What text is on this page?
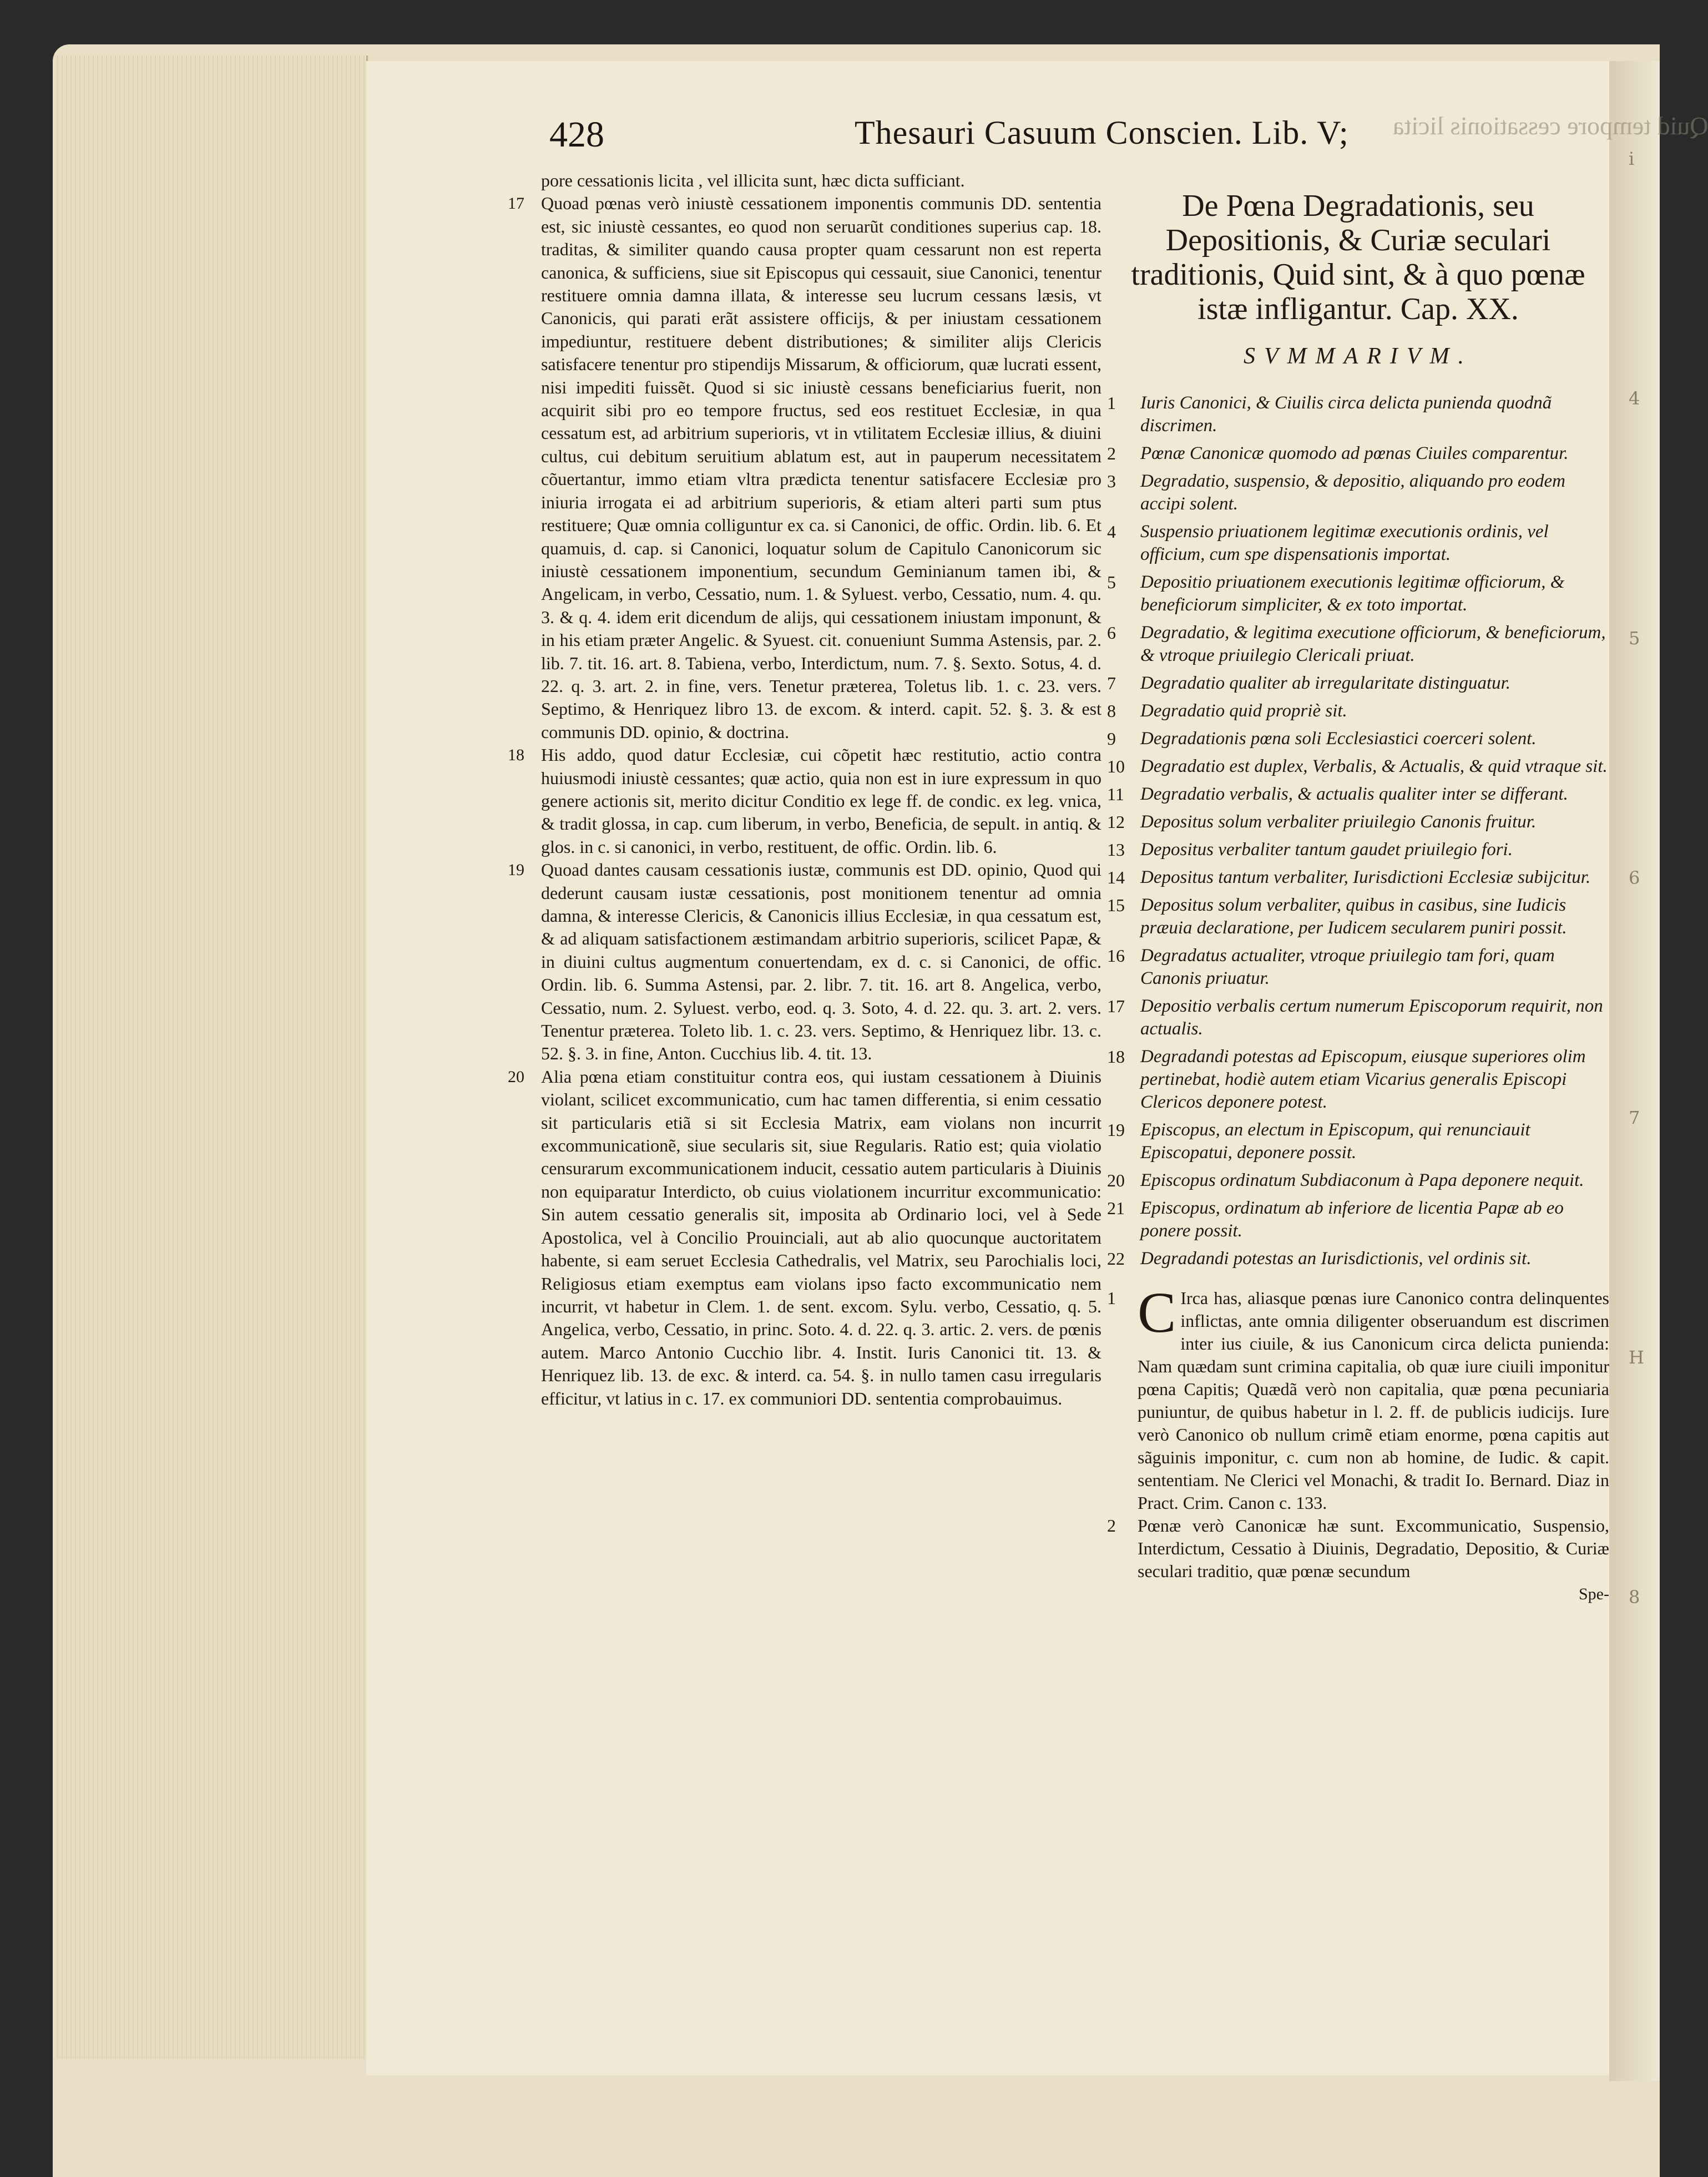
i
4
5
6
7
H
8
Quid tempore cessationis licita
428	Thesauri Casuum Conscien. Lib. V;
pore cessationis licita , vel illicita sunt, hæc dicta sufficiant.
17 Quoad pœnas verò iniustè cessationem imponentis communis DD. sententia est, sic iniustè cessantes, eo quod non seruarũt conditiones superius cap. 18. traditas, & similiter quando causa propter quam cessarunt non est reperta canonica, & sufficiens, siue sit Episcopus qui cessauit, siue Canonici, tenentur restituere omnia damna illata, & interesse seu lucrum cessans læsis, vt Canonicis, qui parati erãt assistere officijs, & per iniustam cessationem impediuntur, restituere debent distributiones; & similiter alijs Clericis satisfacere tenentur pro stipendijs Missarum, & officiorum, quæ lucrati essent, nisi impediti fuissẽt. Quod si sic iniustè cessans beneficiarius fuerit, non acquirit sibi pro eo tempore fructus, sed eos restituet Ecclesiæ, in qua cessatum est, ad arbitrium superioris, vt in vtilitatem Ecclesiæ illius, & diuini cultus, cui debitum seruitium ablatum est, aut in pauperum necessitatem cõuertantur, immo etiam vltra prædicta tenentur satisfacere Ecclesiæ pro iniuria irrogata ei ad arbitrium superioris, & etiam alteri parti sum ptus restituere; Quæ omnia colliguntur ex ca. si Canonici, de offic. Ordin. lib. 6. Et quamuis, d. cap. si Canonici, loquatur solum de Capitulo Canonicorum sic iniustè cessationem imponentium, secundum Geminianum tamen ibi, & Angelicam, in verbo, Cessatio, num. 1. & Syluest. verbo, Cessatio, num. 4. qu. 3. & q. 4. idem erit dicendum de alijs, qui cessationem iniustam imponunt, & in his etiam præter Angelic. & Syuest. cit. conueniunt Summa Astensis, par. 2. lib. 7. tit. 16. art. 8. Tabiena, verbo, Interdictum, num. 7. §. Sexto. Sotus, 4. d. 22. q. 3. art. 2. in fine, vers. Tenetur præterea, Toletus lib. 1. c. 23. vers. Septimo, & Henriquez libro 13. de excom. & interd. capit. 52. §. 3. & est communis DD. opinio, & doctrina.
18 His addo, quod datur Ecclesiæ, cui cõpetit hæc restitutio, actio contra huiusmodi iniustè cessantes; quæ actio, quia non est in iure expressum in quo genere actionis sit, merito dicitur Conditio ex lege ff. de condic. ex leg. vnica, & tradit glossa, in cap. cum liberum, in verbo, Beneficia, de sepult. in antiq. & glos. in c. si canonici, in verbo, restituent, de offic. Ordin. lib. 6.
19 Quoad dantes causam cessationis iustæ, communis est DD. opinio, Quod qui dederunt causam iustæ cessationis, post monitionem tenentur ad omnia damna, & interesse Clericis, & Canonicis illius Ecclesiæ, in qua cessatum est, & ad aliquam satisfactionem æstimandam arbitrio superioris, scilicet Papæ, & in diuini cultus augmentum conuertendam, ex d. c. si Canonici, de offic. Ordin. lib. 6. Summa Astensi, par. 2. libr. 7. tit. 16. art 8. Angelica, verbo, Cessatio, num. 2. Syluest. verbo, eod. q. 3. Soto, 4. d. 22. qu. 3. art. 2. vers. Tenentur præterea. Toleto lib. 1. c. 23. vers. Septimo, & Henriquez libr. 13. c. 52. §. 3. in fine, Anton. Cucchius lib. 4. tit. 13.
20 Alia pœna etiam constituitur contra eos, qui iustam cessationem à Diuinis violant, scilicet excommunicatio, cum hac tamen differentia, si enim cessatio sit particularis etiã si sit Ecclesia Matrix, eam violans non incurrit excommunicationẽ, siue secularis sit, siue Regularis. Ratio est; quia violatio censurarum excommunicationem inducit, cessatio autem particularis à Diuinis non equiparatur Interdicto, ob cuius violationem incurritur excommunicatio: Sin autem cessatio generalis sit, imposita ab Ordinario loci, vel à Sede Apostolica, vel à Concilio Prouinciali, aut ab alio quocunque auctoritatem habente, si eam seruet Ecclesia Cathedralis, vel Matrix, seu Parochialis loci, Religiosus etiam exemptus eam violans ipso facto excommunicatio nem incurrit, vt habetur in Clem. 1. de sent. excom. Sylu. verbo, Cessatio, q. 5. Angelica, verbo, Cessatio, in princ. Soto. 4. d. 22. q. 3. artic. 2. vers. de pœnis autem. Marco Antonio Cucchio libr. 4. Instit. Iuris Canonici tit. 13. & Henriquez lib. 13. de exc. & interd. ca. 54. §. in nullo tamen casu irregularis efficitur, vt latius in c. 17. ex communiori DD. sententia comprobauimus.
De Pœna Degradationis, seu Depositionis, & Curiæ seculari traditionis, Quid sint, & à quo pœnæ istæ infligantur. Cap. XX.
SVMMARIVM.
1 Iuris Canonici, & Ciuilis circa delicta punienda quodnã discrimen.
2 Pœnæ Canonicæ quomodo ad pœnas Ciuiles comparentur.
3 Degradatio, suspensio, & depositio, aliquando pro eodem accipi solent.
4 Suspensio priuationem legitimæ executionis ordinis, vel officium, cum spe dispensationis importat.
5 Depositio priuationem executionis legitimæ officiorum, & beneficiorum simpliciter, & ex toto importat.
6 Degradatio, & legitima executione officiorum, & beneficiorum, & vtroque priuilegio Clericali priuat.
7 Degradatio qualiter ab irregularitate distinguatur.
8 Degradatio quid propriè sit.
9 Degradationis pœna soli Ecclesiastici coerceri solent.
10 Degradatio est duplex, Verbalis, & Actualis, & quid vtraque sit.
11 Degradatio verbalis, & actualis qualiter inter se differant.
12 Depositus solum verbaliter priuilegio Canonis fruitur.
13 Depositus verbaliter tantum gaudet priuilegio fori.
14 Depositus tantum verbaliter, Iurisdictioni Ecclesiæ subijcitur.
15 Depositus solum verbaliter, quibus in casibus, sine Iudicis præuia declaratione, per Iudicem secularem puniri possit.
16 Degradatus actualiter, vtroque priuilegio tam fori, quam Canonis priuatur.
17 Depositio verbalis certum numerum Episcoporum requirit, non actualis.
18 Degradandi potestas ad Episcopum, eiusque superiores olim pertinebat, hodiè autem etiam Vicarius generalis Episcopi Clericos deponere potest.
19 Episcopus, an electum in Episcopum, qui renunciauit Episcopatui, deponere possit.
20 Episcopus ordinatum Subdiaconum à Papa deponere nequit.
21 Episcopus, ordinatum ab inferiore de licentia Papæ ab eo ponere possit.
22 Degradandi potestas an Iurisdictionis, vel ordinis sit.
1 C Irca has, aliasque pœnas iure Canonico contra delinquentes inflictas, ante omnia diligenter obseruandum est discrimen inter ius ciuile, & ius Canonicum circa delicta punienda: Nam quædam sunt crimina capitalia, ob quæ iure ciuili imponitur pœna Capitis; Quædã verò non capitalia, quæ pœna pecuniaria puniuntur, de quibus habetur in l. 2. ff. de publicis iudicijs. Iure verò Canonico ob nullum crimẽ etiam enorme, pœna capitis aut sãguinis imponitur, c. cum non ab homine, de Iudic. & capit. sententiam. Ne Clerici vel Monachi, & tradit Io. Bernard. Diaz in Pract. Crim. Canon c. 133.
2 Pœnæ verò Canonicæ hæ sunt. Excommunicatio, Suspensio, Interdictum, Cessatio à Diuinis, Degradatio, Depositio, & Curiæ seculari traditio, quæ pœnæ secundum
Spe-
